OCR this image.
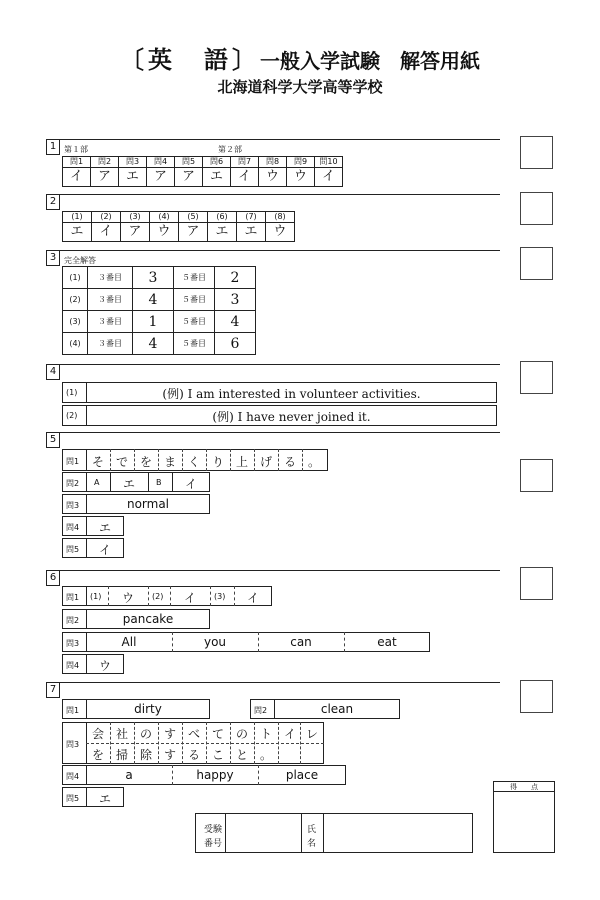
〔英　語〕一般入学試験　解答用紙
北海道科学大学高等学校
1 第１部	第２部
問1	問2	問3	問4	問5	問6	問7	問8	問9	問10
イ	ア	エ	ア	ア	エ	イ	ウ	ウ	イ
2
(1)	(2)	(3)	(4)	(5)	(6)	(7)	(8)
エ	イ	ア	ウ	ア	エ	エ	ウ
3 完全解答
(1)	３番目	3	５番目	2
(2)	３番目	4	５番目	3
(3)	３番目	1	５番目	4
(4)	３番目	4	５番目	6
4
(1)	(例) I am interested in volunteer activities.
(2)	(例) I have never joined it.
5
問1	そ で を ま く り 上 げ る 。
問2 A	エ	B	イ
問3	normal
問4	エ
問5	イ
6
問1 (1)	ウ	(2)	イ	(3)	イ
問2	pancake
問3	All	you	can	eat
問4	ウ
7
問1	dirty	問2	clean
問3
会 社 の す べ て の ト イ レ
を 掃 除 す る こ と 。
問4	a	happy	place
問5	エ
受験
番号
氏
名
得　　点
